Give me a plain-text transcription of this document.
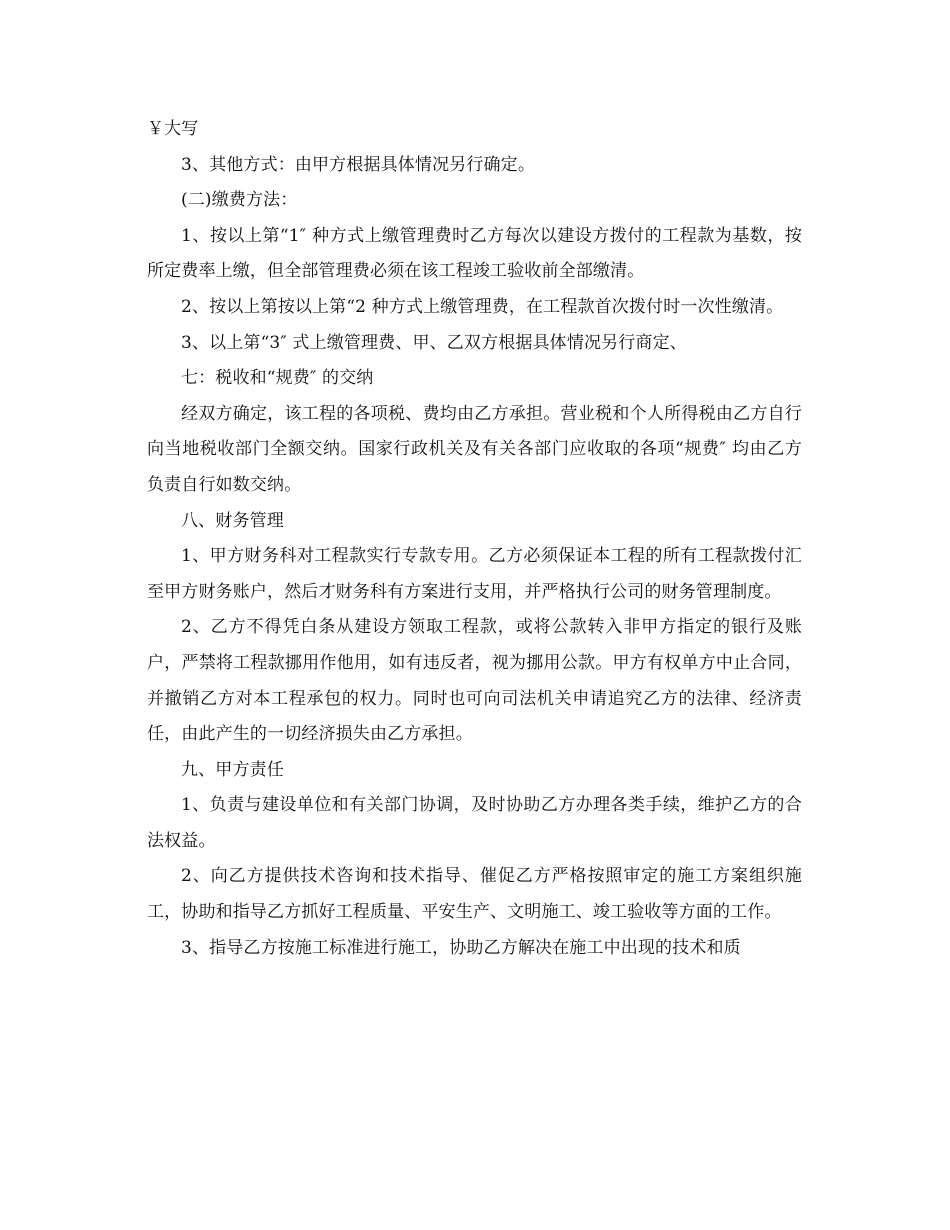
￥大写

3、其他方式：由甲方根据具体情况另行确定。

(二)缴费方法：

1、按以上第“1″ 种方式上缴管理费时乙方每次以建设方拨付的工程款为基数，按所定费率上缴，但全部管理费必须在该工程竣工验收前全部缴清。

2、按以上第按以上第“2 种方式上缴管理费，在工程款首次拨付时一次性缴清。

3、以上第“3″ 式上缴管理费、甲、乙双方根据具体情况另行商定、

七：税收和“规费″ 的交纳

经双方确定，该工程的各项税、费均由乙方承担。营业税和个人所得税由乙方自行向当地税收部门全额交纳。国家行政机关及有关各部门应收取的各项“规费″ 均由乙方负责自行如数交纳。

八、财务管理

1、甲方财务科对工程款实行专款专用。乙方必须保证本工程的所有工程款拨付汇至甲方财务账户，然后才财务科有方案进行支用，并严格执行公司的财务管理制度。

2、乙方不得凭白条从建设方领取工程款，或将公款转入非甲方指定的银行及账户，严禁将工程款挪用作他用，如有违反者，视为挪用公款。甲方有权单方中止合同，并撤销乙方对本工程承包的权力。同时也可向司法机关申请追究乙方的法律、经济责任，由此产生的一切经济损失由乙方承担。

九、甲方责任

1、负责与建设单位和有关部门协调，及时协助乙方办理各类手续，维护乙方的合法权益。

2、向乙方提供技术咨询和技术指导、催促乙方严格按照审定的施工方案组织施工，协助和指导乙方抓好工程质量、平安生产、文明施工、竣工验收等方面的工作。

3、指导乙方按施工标准进行施工，协助乙方解决在施工中出现的技术和质
